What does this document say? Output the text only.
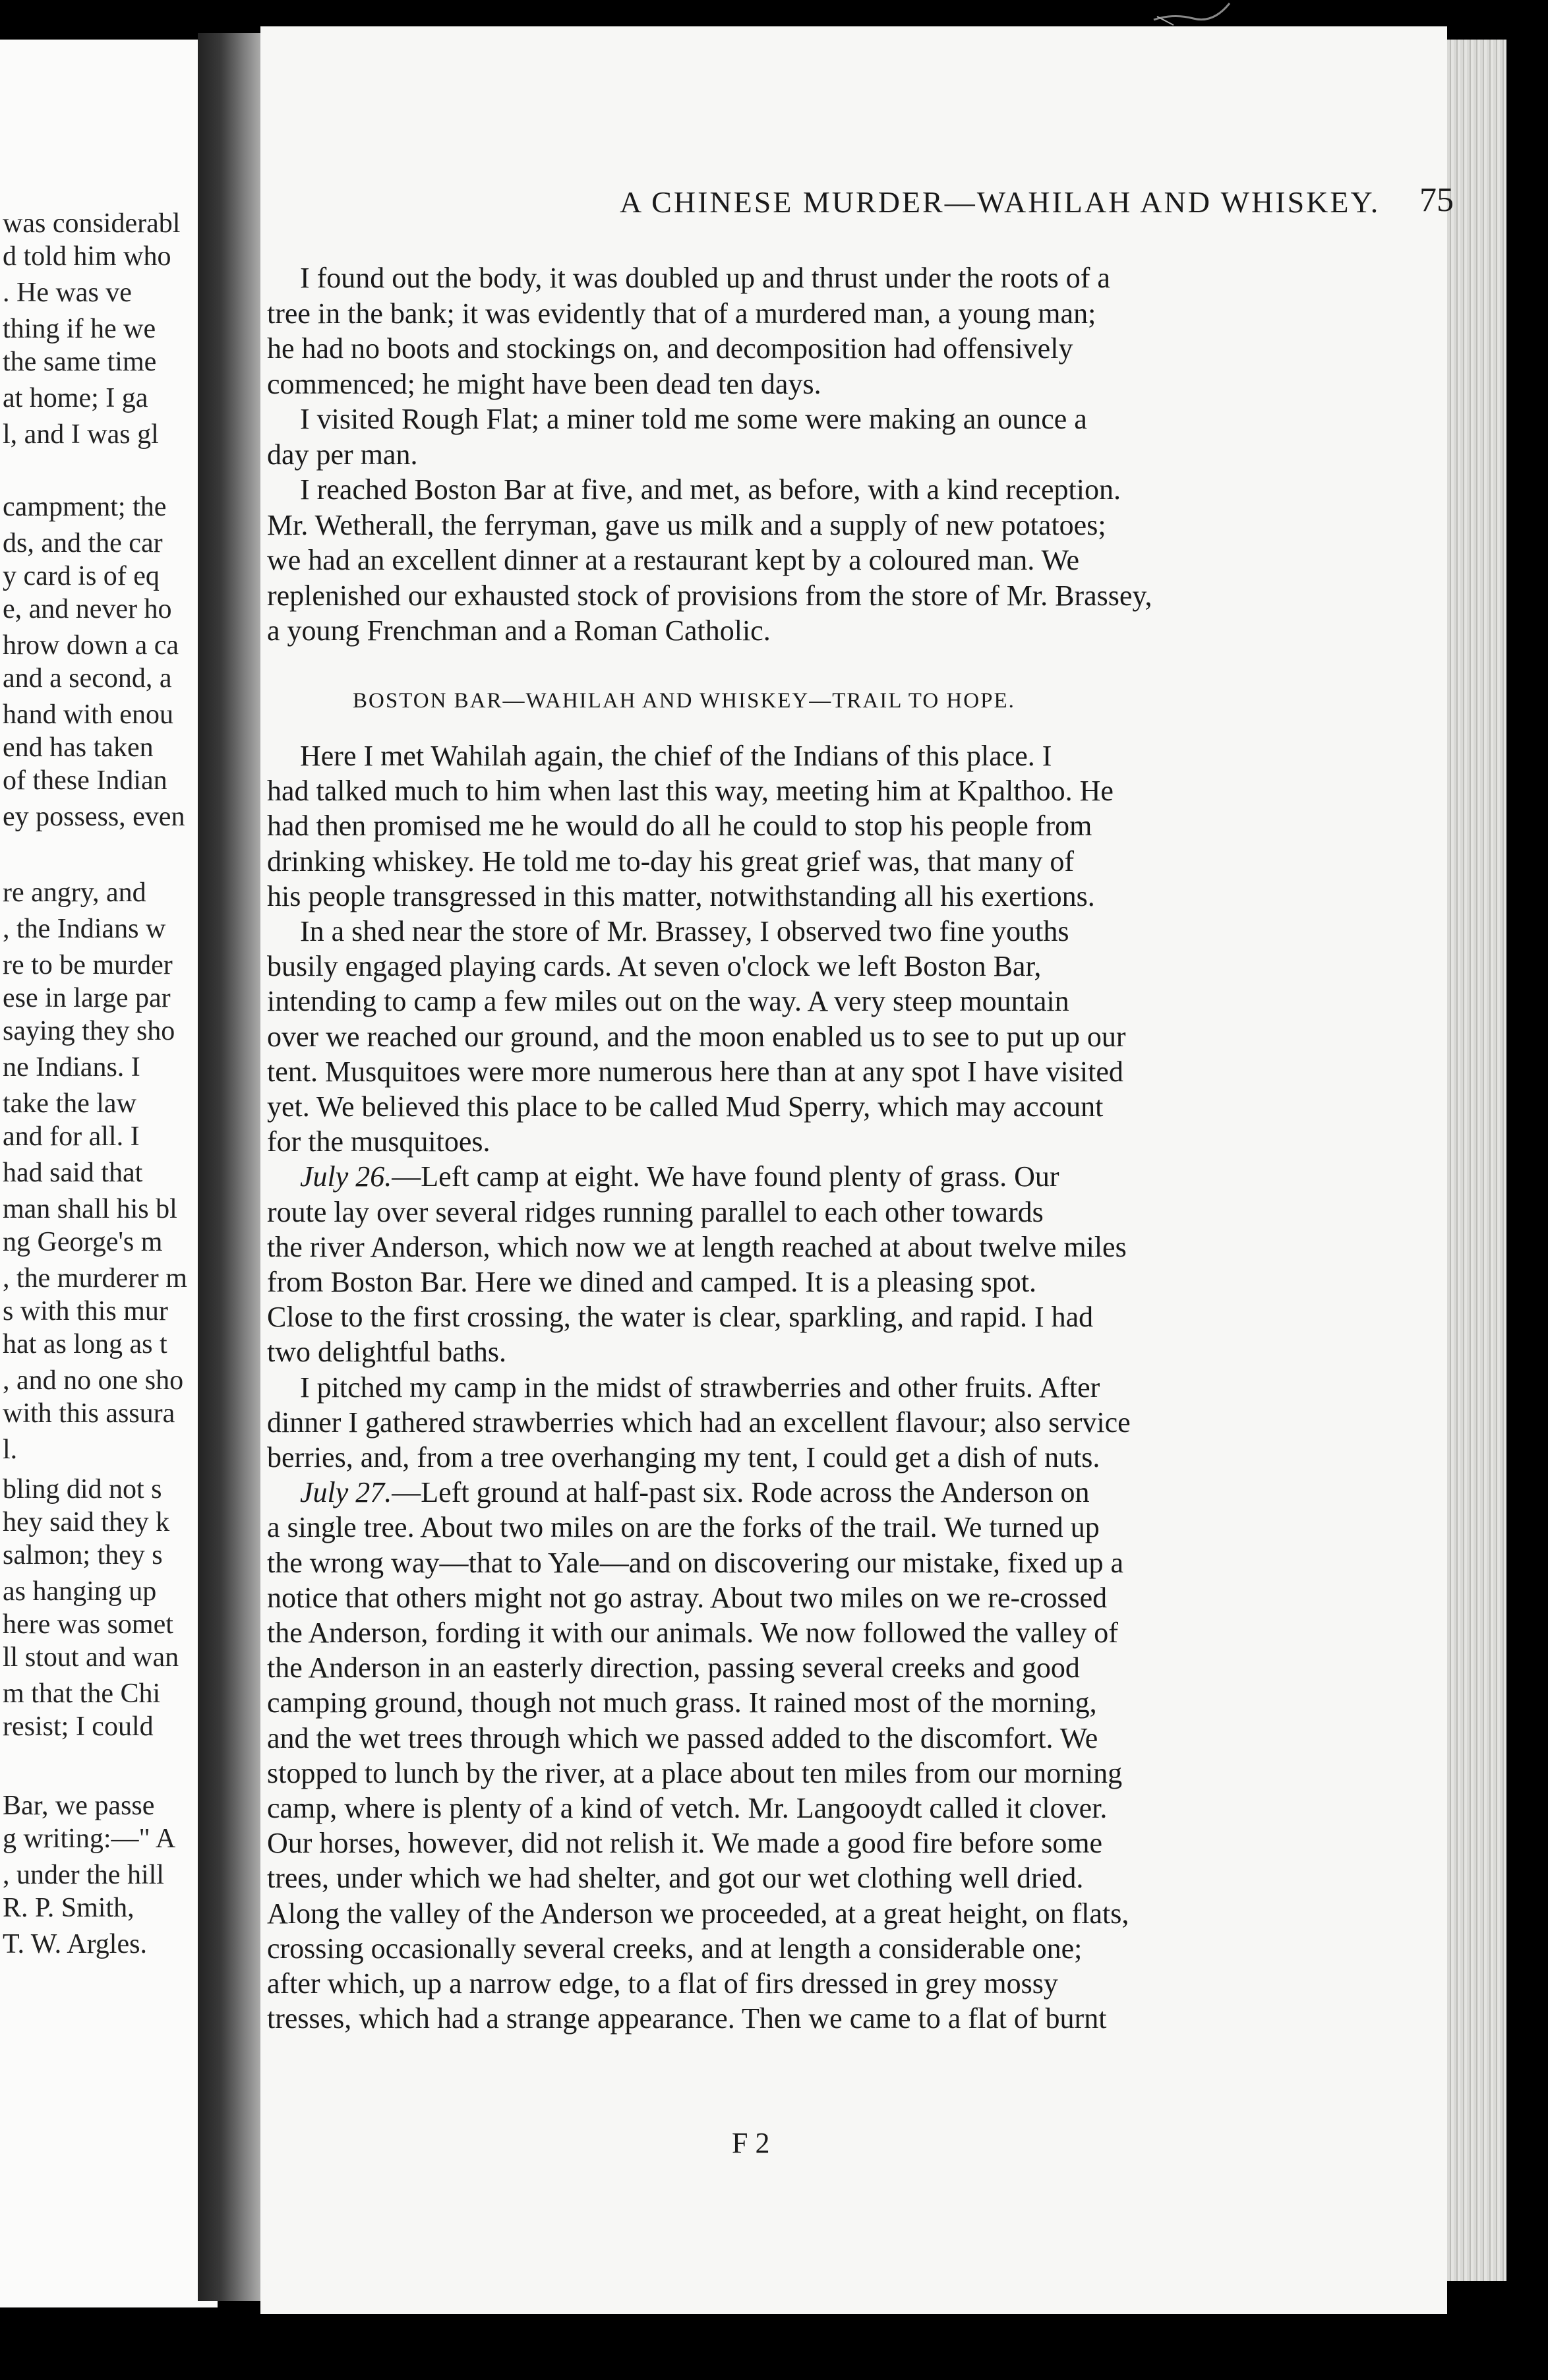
was considerabl
d told him who
. He was ve
thing if he we
the same time
at home; I ga
l, and I was gl
campment; the
ds, and the car
y card is of eq
e, and never ho
hrow down a ca
and a second, a
hand with enou
end has taken
of these Indian
ey possess, even
re angry, and
, the Indians w
re to be murder
ese in large par
saying they sho
ne Indians. I
take the law
and for all. I
had said that
man shall his bl
ng George's m
, the murderer m
s with this mur
hat as long as t
, and no one sho
with this assura
l.
bling did not s
hey said they k
salmon; they s
as hanging up
here was somet
ll stout and wan
m that the Chi
resist; I could
Bar, we passe
g writing:—" A
, under the hill
R. P. Smith,
T. W. Argles.
A CHINESE MURDER—WAHILAH AND WHISKEY. 75
I found out the body, it was doubled up and thrust under the roots of a
tree in the bank; it was evidently that of a murdered man, a young man;
he had no boots and stockings on, and decomposition had offensively
commenced; he might have been dead ten days.
I visited Rough Flat; a miner told me some were making an ounce a
day per man.
I reached Boston Bar at five, and met, as before, with a kind reception.
Mr. Wetherall, the ferryman, gave us milk and a supply of new potatoes;
we had an excellent dinner at a restaurant kept by a coloured man. We
replenished our exhausted stock of provisions from the store of Mr. Brassey,
a young Frenchman and a Roman Catholic.
Here I met Wahilah again, the chief of the Indians of this place. I
had talked much to him when last this way, meeting him at Kpalthoo. He
had then promised me he would do all he could to stop his people from
drinking whiskey. He told me to-day his great grief was, that many of
his people transgressed in this matter, notwithstanding all his exertions.
In a shed near the store of Mr. Brassey, I observed two fine youths
busily engaged playing cards. At seven o'clock we left Boston Bar,
intending to camp a few miles out on the way. A very steep mountain
over we reached our ground, and the moon enabled us to see to put up our
tent. Musquitoes were more numerous here than at any spot I have visited
yet. We believed this place to be called Mud Sperry, which may account
for the musquitoes.
July 26.—Left camp at eight. We have found plenty of grass. Our
route lay over several ridges running parallel to each other towards
the river Anderson, which now we at length reached at about twelve miles
from Boston Bar. Here we dined and camped. It is a pleasing spot.
Close to the first crossing, the water is clear, sparkling, and rapid. I had
two delightful baths.
I pitched my camp in the midst of strawberries and other fruits. After
dinner I gathered strawberries which had an excellent flavour; also service
berries, and, from a tree overhanging my tent, I could get a dish of nuts.
July 27.—Left ground at half-past six. Rode across the Anderson on
a single tree. About two miles on are the forks of the trail. We turned up
the wrong way—that to Yale—and on discovering our mistake, fixed up a
notice that others might not go astray. About two miles on we re-crossed
the Anderson, fording it with our animals. We now followed the valley of
the Anderson in an easterly direction, passing several creeks and good
camping ground, though not much grass. It rained most of the morning,
and the wet trees through which we passed added to the discomfort. We
stopped to lunch by the river, at a place about ten miles from our morning
camp, where is plenty of a kind of vetch. Mr. Langooydt called it clover.
Our horses, however, did not relish it. We made a good fire before some
trees, under which we had shelter, and got our wet clothing well dried.
Along the valley of the Anderson we proceeded, at a great height, on flats,
crossing occasionally several creeks, and at length a considerable one;
after which, up a narrow edge, to a flat of firs dressed in grey mossy
tresses, which had a strange appearance. Then we came to a flat of burnt
BOSTON BAR—WAHILAH AND WHISKEY—TRAIL TO HOPE.
F 2
